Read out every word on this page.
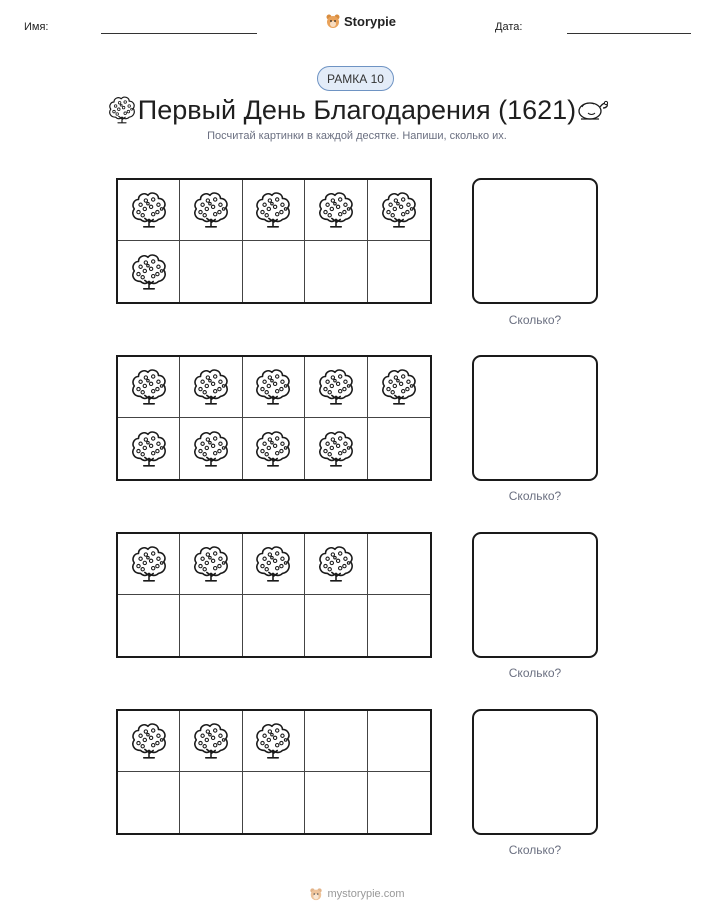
Имя:	Storypie	Дата:
РАМКА 10
Первый День Благодарения (1621)
Посчитай картинки в каждой десятке. Напиши, сколько их.
Сколько?
Сколько?
Сколько?
Сколько?
mystorypie.com
